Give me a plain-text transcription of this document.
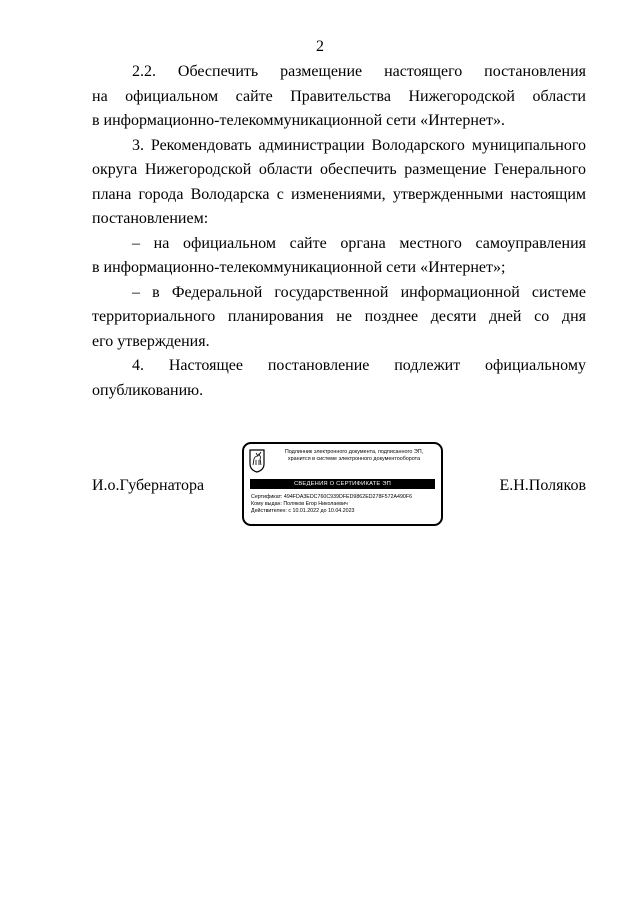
2

2.2. Обеспечить размещение настоящего постановления

на официальном сайте Правительства Нижегородской области

в информационно-телекоммуникационной сети «Интернет».

3. Рекомендовать администрации Володарского муниципального

округа Нижегородской области обеспечить размещение Генерального

плана города Володарска с изменениями, утвержденными настоящим

постановлением:

– на официальном сайте органа местного самоуправления

в информационно-телекоммуникационной сети «Интернет»;

– в Федеральной государственной информационной системе

территориального планирования не позднее десяти дней со дня

его утверждения.

4. Настоящее постановление подлежит официальному

опубликованию.

И.о.Губернатора	Е.Н.Поляков
Подлинник электронного документа, подписанного ЭП,
хранится в системе электронного документооборота
СВЕДЕНИЯ О СЕРТИФИКАТЕ ЭП
Сертификат: 494FDA3EDC760C939DFED9862ED278F572A490F6
Кому выдан: Поляков Егор Николаевич
Действителен: с 10.01.2022 до 10.04.2023
